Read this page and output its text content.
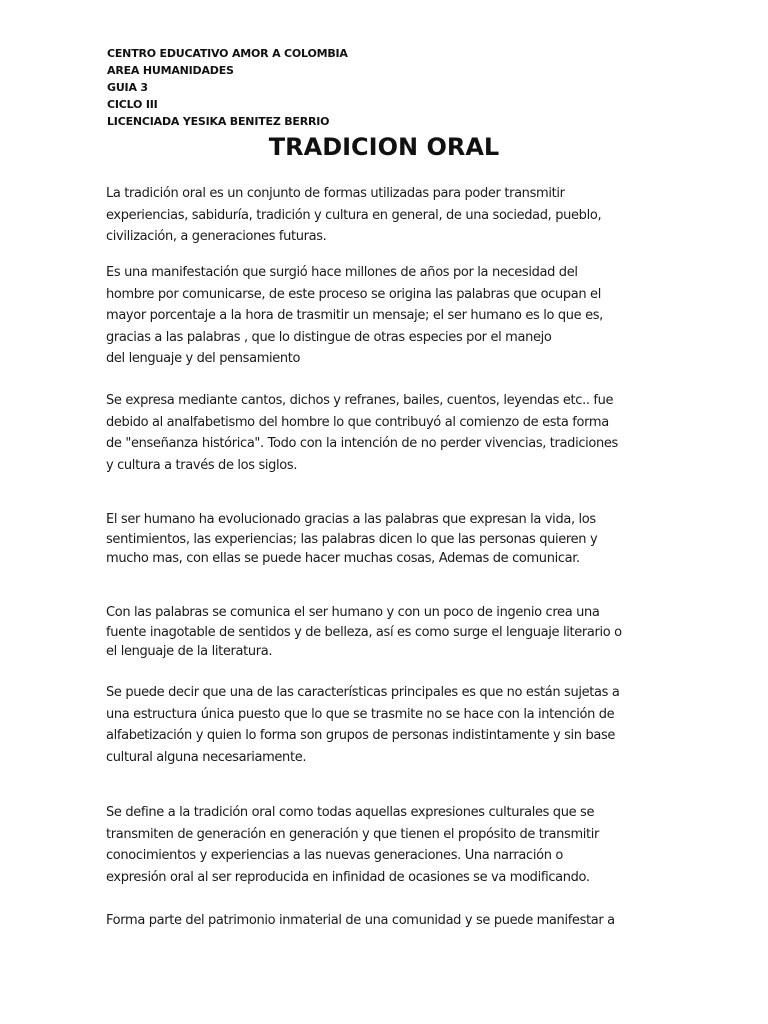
CENTRO EDUCATIVO AMOR A COLOMBIA
AREA HUMANIDADES
GUIA 3
CICLO III
LICENCIADA YESIKA BENITEZ BERRIO
TRADICION ORAL
La tradición oral es un conjunto de formas utilizadas para poder transmitir
experiencias, sabiduría, tradición y cultura en general, de una sociedad, pueblo,
civilización, a generaciones futuras.
Es una manifestación que surgió hace millones de años por la necesidad del
hombre por comunicarse, de este proceso se origina las palabras que ocupan el
mayor porcentaje a la hora de trasmitir un mensaje; el ser humano es lo que es,
gracias a las palabras , que lo distingue de otras especies por el manejo
del lenguaje y del pensamiento
Se expresa mediante cantos, dichos y refranes, bailes, cuentos, leyendas etc.. fue
debido al analfabetismo del hombre lo que contribuyó al comienzo de esta forma
de "enseñanza histórica". Todo con la intención de no perder vivencias, tradiciones
y cultura a través de los siglos.
El ser humano ha evolucionado gracias a las palabras que expresan la vida, los
sentimientos, las experiencias; las palabras dicen lo que las personas quieren y
mucho mas, con ellas se puede hacer muchas cosas, Ademas de comunicar.
Con las palabras se comunica el ser humano y con un poco de ingenio crea una
fuente inagotable de sentidos y de belleza, así es como surge el lenguaje literario o
el lenguaje de la literatura.
Se puede decir que una de las características principales es que no están sujetas a
una estructura única puesto que lo que se trasmite no se hace con la intención de
alfabetización y quien lo forma son grupos de personas indistintamente y sin base
cultural alguna necesariamente.
Se define a la tradición oral como todas aquellas expresiones culturales que se
transmiten de generación en generación y que tienen el propósito de transmitir
conocimientos y experiencias a las nuevas generaciones. Una narración o
expresión oral al ser reproducida en infinidad de ocasiones se va modificando.
Forma parte del patrimonio inmaterial de una comunidad y se puede manifestar a
